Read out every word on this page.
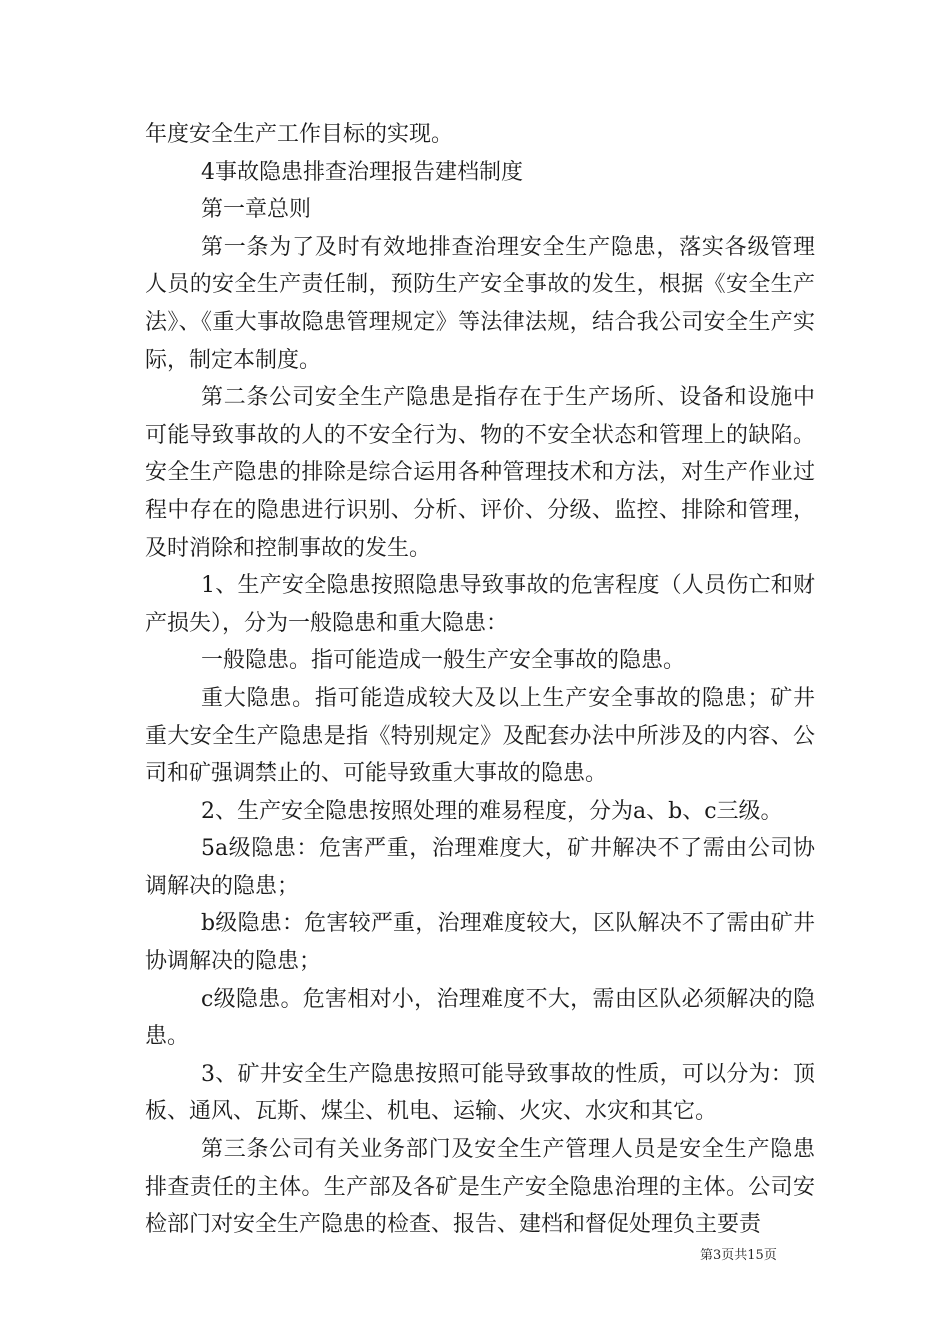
年度安全生产工作目标的实现。

4事故隐患排查治理报告建档制度

第一章总则

第一条为了及时有效地排查治理安全生产隐患，落实各级管理人员的安全生产责任制，预防生产安全事故的发生，根据《安全生产法》、《重大事故隐患管理规定》等法律法规，结合我公司安全生产实际，制定本制度。

第二条公司安全生产隐患是指存在于生产场所、设备和设施中可能导致事故的人的不安全行为、物的不安全状态和管理上的缺陷。安全生产隐患的排除是综合运用各种管理技术和方法，对生产作业过程中存在的隐患进行识别、分析、评价、分级、监控、排除和管理，及时消除和控制事故的发生。

1、生产安全隐患按照隐患导致事故的危害程度（人员伤亡和财产损失），分为一般隐患和重大隐患：

一般隐患。指可能造成一般生产安全事故的隐患。

重大隐患。指可能造成较大及以上生产安全事故的隐患；矿井重大安全生产隐患是指《特别规定》及配套办法中所涉及的内容、公司和矿强调禁止的、可能导致重大事故的隐患。

2、生产安全隐患按照处理的难易程度，分为a、b、c三级。

5a级隐患：危害严重，治理难度大，矿井解决不了需由公司协调解决的隐患；

b级隐患：危害较严重，治理难度较大，区队解决不了需由矿井协调解决的隐患；

c级隐患。危害相对小，治理难度不大，需由区队必须解决的隐患。

3、矿井安全生产隐患按照可能导致事故的性质，可以分为：顶板、通风、瓦斯、煤尘、机电、运输、火灾、水灾和其它。

第三条公司有关业务部门及安全生产管理人员是安全生产隐患排查责任的主体。生产部及各矿是生产安全隐患治理的主体。公司安检部门对安全生产隐患的检查、报告、建档和督促处理负主要责

第3页共15页
